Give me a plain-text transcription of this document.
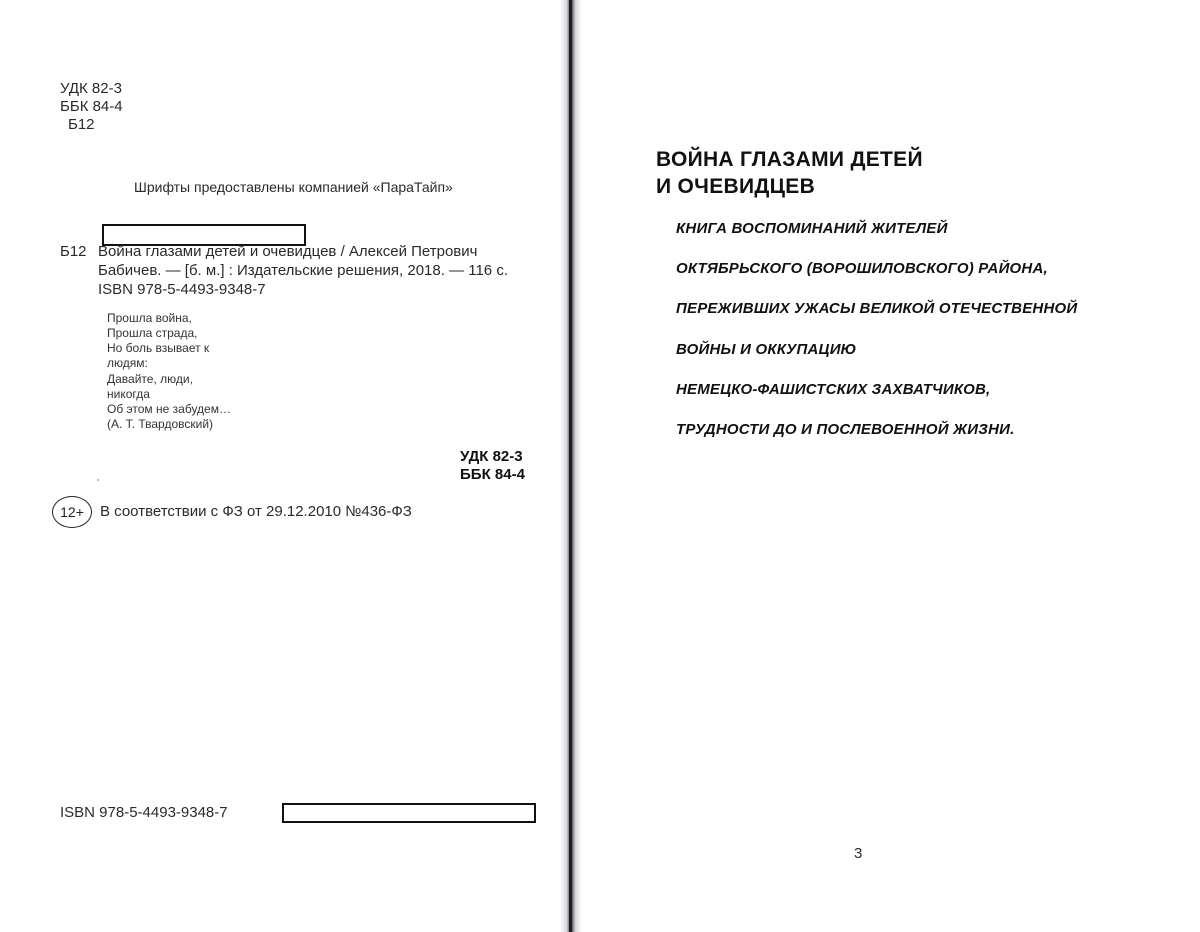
УДК 82-3
ББК 84-4
Б12
Шрифты предоставлены компанией «ПараТайп»
Б12 Война глазами детей и очевидцев / Алексей Петрович
Бабичев. — [б. м.] : Издательские решения, 2018. — 116 с.
ISBN 978-5-4493-9348-7
Прошла война,
Прошла страда,
Но боль взывает к
людям:
Давайте, люди,
никогда
Об этом не забудем…
(А. Т. Твардовский)
УДК 82-3
ББК 84-4
12+	В соответствии с ФЗ от 29.12.2010 №436-ФЗ
ISBN 978-5-4493-9348-7
ВОЙНА ГЛАЗАМИ ДЕТЕЙ
И ОЧЕВИДЦЕВ
КНИГА ВОСПОМИНАНИЙ ЖИТЕЛЕЙ
ОКТЯБРЬСКОГО (ВОРОШИЛОВСКОГО) РАЙОНА,
ПЕРЕЖИВШИХ УЖАСЫ ВЕЛИКОЙ ОТЕЧЕСТВЕННОЙ
ВОЙНЫ И ОККУПАЦИЮ
НЕМЕЦКО-ФАШИСТСКИХ ЗАХВАТЧИКОВ,
ТРУДНОСТИ ДО И ПОСЛЕВОЕННОЙ ЖИЗНИ.
3
